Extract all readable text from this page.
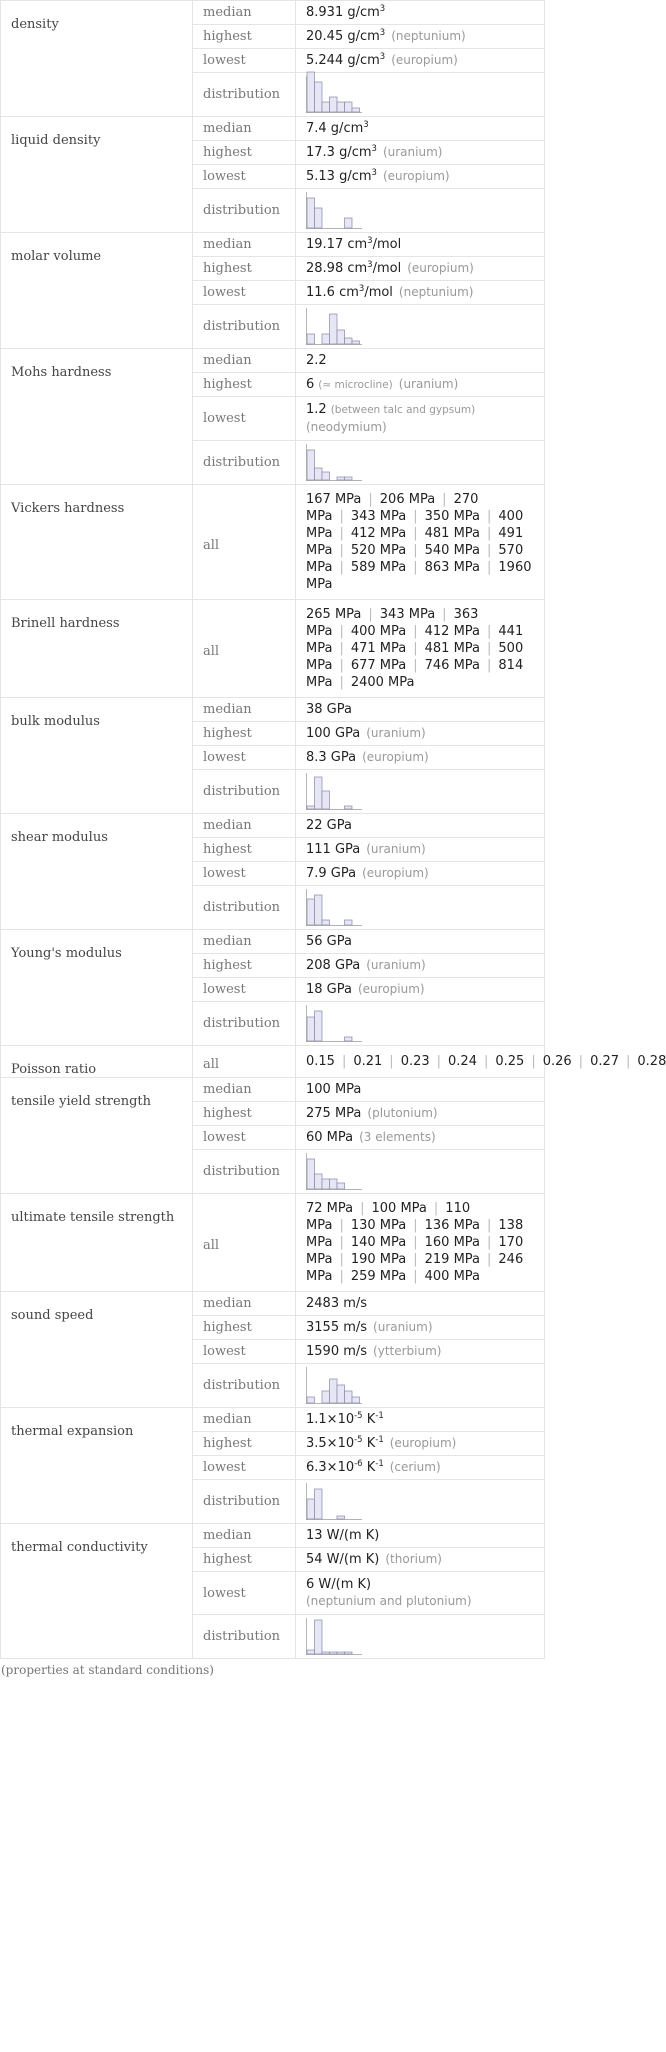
density	median	8.931 $g/cm^3$
	highest	20.45 $g/cm^3$ (neptunium)
	lowest	5.244 $g/cm^3$ (europium)
	distribution	

liquid density	median	7.4 $g/cm^3$
	highest	17.3 $g/cm^3$ (uranium)
	lowest	5.13 $g/cm^3$ (europium)
	distribution	

molar volume	median	19.17 $cm^3$/mol
	highest	28.98 $cm^3$/mol (europium)
	lowest	11.6 $cm^3$/mol (neptunium)
	distribution	

Mohs hardness	median	2.2
	highest	6 (≈ microcline) (uranium)
	lowest	1.2 (between talc and gypsum)
(neodymium)
	distribution	

Vickers hardness	all	167 MPa | 206 MPa | 270 MPa | 343 MPa | 350 MPa | 400 MPa | 412 MPa | 481 MPa | 491 MPa | 520 MPa | 540 MPa | 570 MPa | 589 MPa | 863 MPa | 1960 MPa
Brinell hardness	all	265 MPa | 343 MPa | 363 MPa | 400 MPa | 412 MPa | 441 MPa | 471 MPa | 481 MPa | 500 MPa | 677 MPa | 746 MPa | 814 MPa | 2400 MPa
bulk modulus	median	38 GPa
	highest	100 GPa (uranium)
	lowest	8.3 GPa (europium)
	distribution	

shear modulus	median	22 GPa
	highest	111 GPa (uranium)
	lowest	7.9 GPa (europium)
	distribution	

Young's modulus	median	56 GPa
	highest	208 GPa (uranium)
	lowest	18 GPa (europium)
	distribution	

Poisson ratio	all	0.15 | 0.21 | 0.23 | 0.24 | 0.25 | 0.26 | 0.27 | 0.28
tensile yield strength	median	100 MPa
	highest	275 MPa (plutonium)
	lowest	60 MPa (3 elements)
	distribution	

ultimate tensile strength	all	72 MPa | 100 MPa | 110 MPa | 130 MPa | 136 MPa | 138 MPa | 140 MPa | 160 MPa | 170 MPa | 190 MPa | 219 MPa | 246 MPa | 259 MPa | 400 MPa
sound speed	median	2483 m/s
	highest	3155 m/s (uranium)
	lowest	1590 m/s (ytterbium)
	distribution	

thermal expansion	median	$1.1\times 10^{-5}$ $K^{-1}$
	highest	$3.5\times 10^{-5}$ $K^{-1}$ (europium)
	lowest	$6.3\times 10^{-6}$ $K^{-1}$ (cerium)
	distribution	

thermal conductivity	median	13 W/(m K)
	highest	54 W/(m K) (thorium)
	lowest	6 W/(m K)
(neptunium and plutonium)
	distribution	
(properties at standard conditions)
